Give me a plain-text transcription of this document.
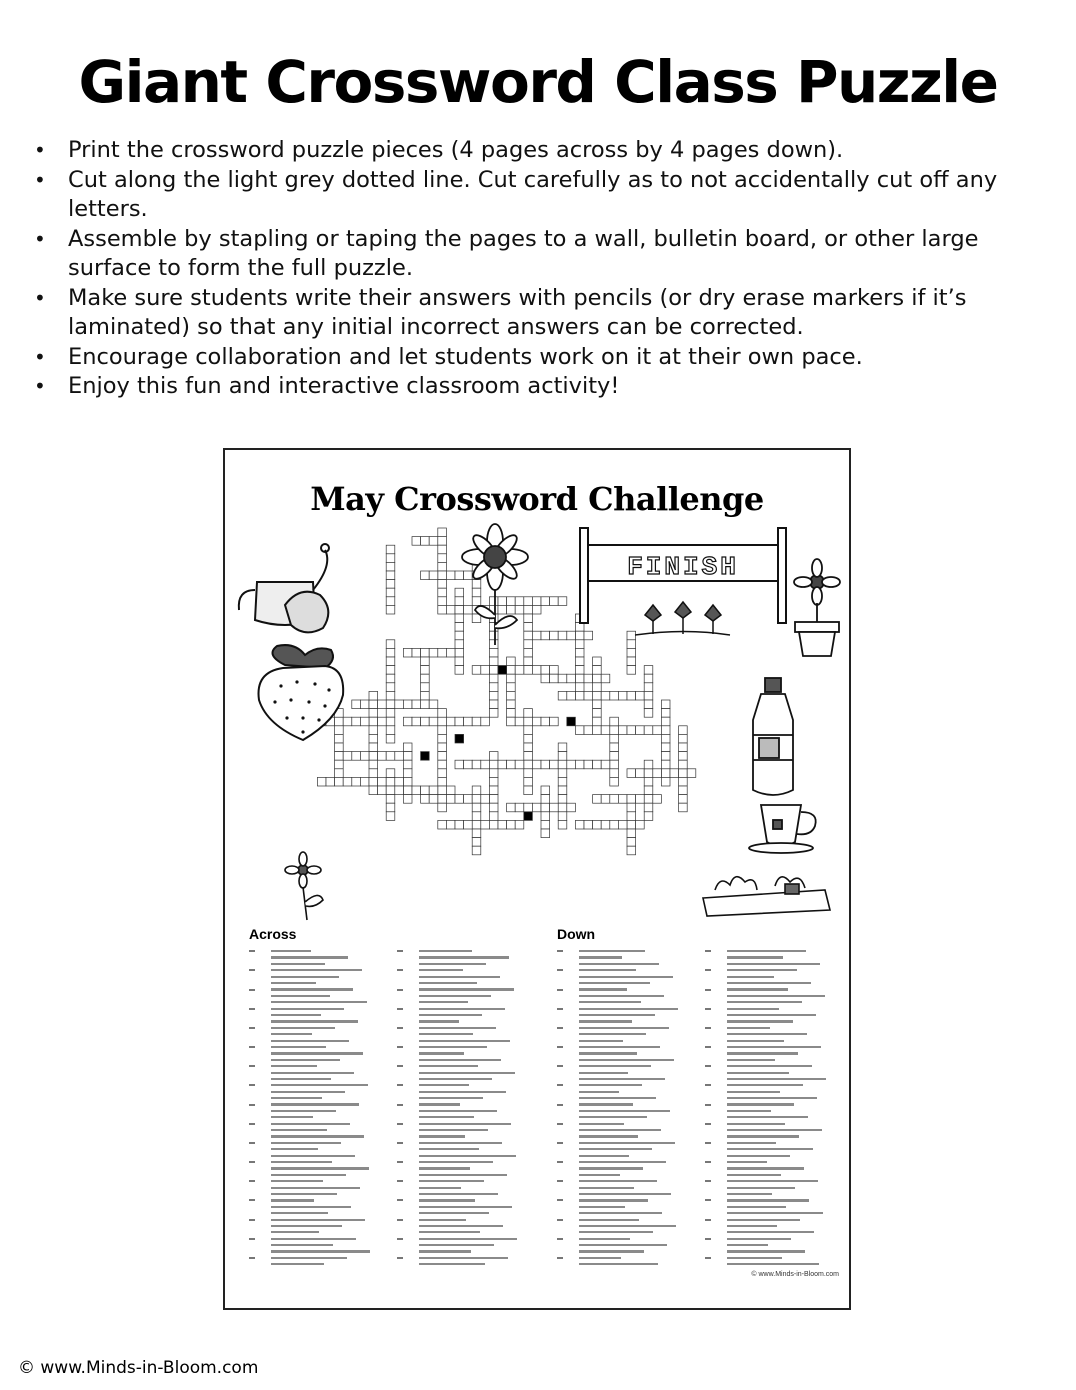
Giant Crossword Class Puzzle
• Print the crossword puzzle pieces (4 pages across by 4 pages down).
• Cut along the light grey dotted line. Cut carefully as to not accidentally cut off any letters.
• Assemble by stapling or taping the pages to a wall, bulletin board, or other large surface to form the full puzzle.
• Make sure students write their answers with pencils (or dry erase markers if it’s laminated) so that any initial incorrect answers can be corrected.
• Encourage collaboration and let students work on it at their own pace.
• Enjoy this fun and interactive classroom activity!
May Crossword Challenge
FINISH
Across	Down
© www.Minds-in-Bloom.com
© www.Minds-in-Bloom.com
